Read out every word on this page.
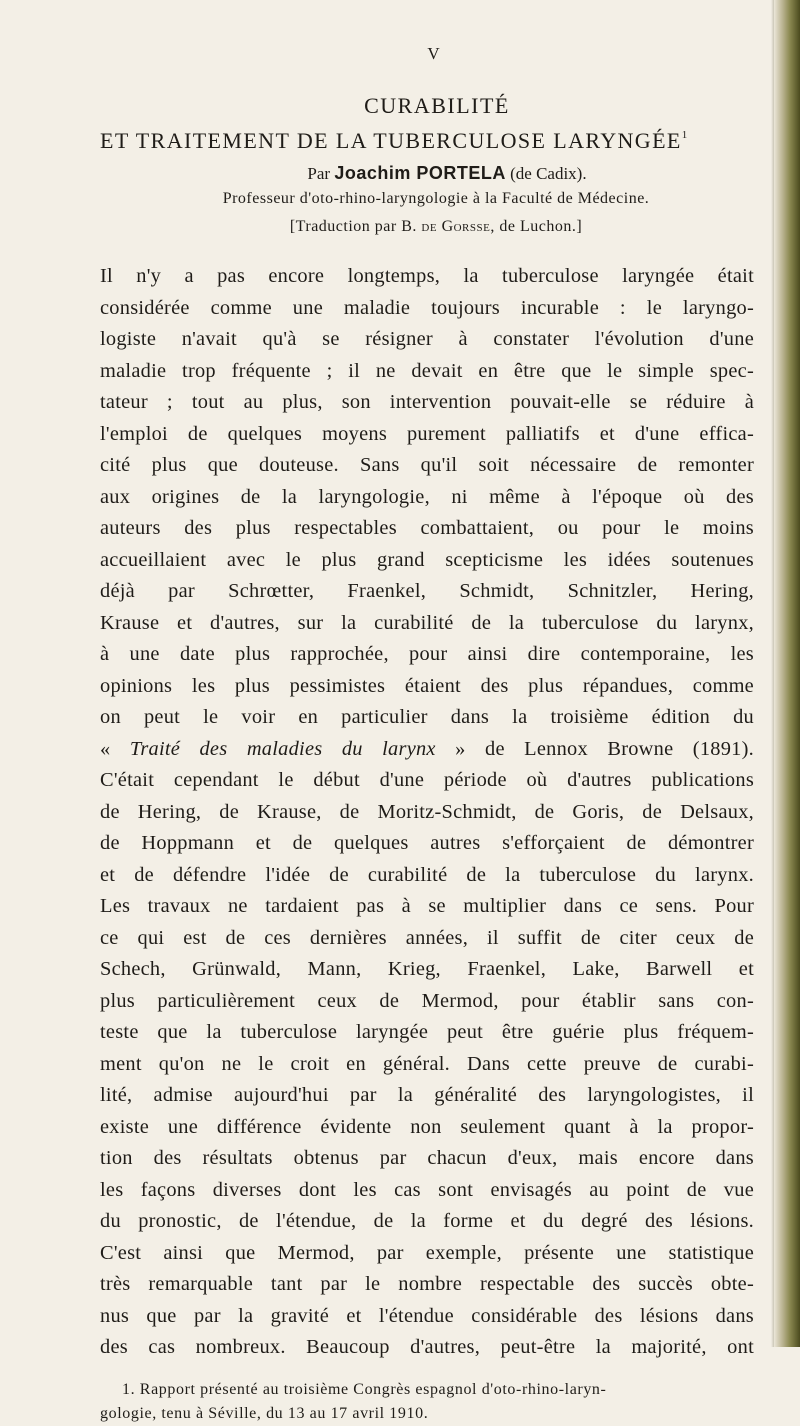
V
CURABILITÉ
ET TRAITEMENT DE LA TUBERCULOSE LARYNGÉE$^1$
Par Joachim PORTELA (de Cadix).
Professeur d'oto-rhino-laryngologie à la Faculté de Médecine.
[Traduction par B. de Gorsse, de Luchon.]
Il n'y a pas encore longtemps, la tuberculose laryngée était
considérée comme une maladie toujours incurable : le laryngo-
logiste n'avait qu'à se résigner à constater l'évolution d'une
maladie trop fréquente ; il ne devait en être que le simple spec-
tateur ; tout au plus, son intervention pouvait-elle se réduire à
l'emploi de quelques moyens purement palliatifs et d'une effica-
cité plus que douteuse. Sans qu'il soit nécessaire de remonter
aux origines de la laryngologie, ni même à l'époque où des
auteurs des plus respectables combattaient, ou pour le moins
accueillaient avec le plus grand scepticisme les idées soutenues
déjà par Schrœtter, Fraenkel, Schmidt, Schnitzler, Hering,
Krause et d'autres, sur la curabilité de la tuberculose du larynx,
à une date plus rapprochée, pour ainsi dire contemporaine, les
opinions les plus pessimistes étaient des plus répandues, comme
on peut le voir en particulier dans la troisième édition du
« Traité des maladies du larynx » de Lennox Browne (1891).
C'était cependant le début d'une période où d'autres publications
de Hering, de Krause, de Moritz-Schmidt, de Goris, de Delsaux,
de Hoppmann et de quelques autres s'efforçaient de démontrer
et de défendre l'idée de curabilité de la tuberculose du larynx.
Les travaux ne tardaient pas à se multiplier dans ce sens. Pour
ce qui est de ces dernières années, il suffit de citer ceux de
Schech, Grünwald, Mann, Krieg, Fraenkel, Lake, Barwell et
plus particulièrement ceux de Mermod, pour établir sans con-
teste que la tuberculose laryngée peut être guérie plus fréquem-
ment qu'on ne le croit en général. Dans cette preuve de curabi-
lité, admise aujourd'hui par la généralité des laryngologistes, il
existe une différence évidente non seulement quant à la propor-
tion des résultats obtenus par chacun d'eux, mais encore dans
les façons diverses dont les cas sont envisagés au point de vue
du pronostic, de l'étendue, de la forme et du degré des lésions.
C'est ainsi que Mermod, par exemple, présente une statistique
très remarquable tant par le nombre respectable des succès obte-
nus que par la gravité et l'étendue considérable des lésions dans
des cas nombreux. Beaucoup d'autres, peut-être la majorité, ont
1. Rapport présenté au troisième Congrès espagnol d'oto-rhino-laryn-
gologie, tenu à Séville, du 13 au 17 avril 1910.
